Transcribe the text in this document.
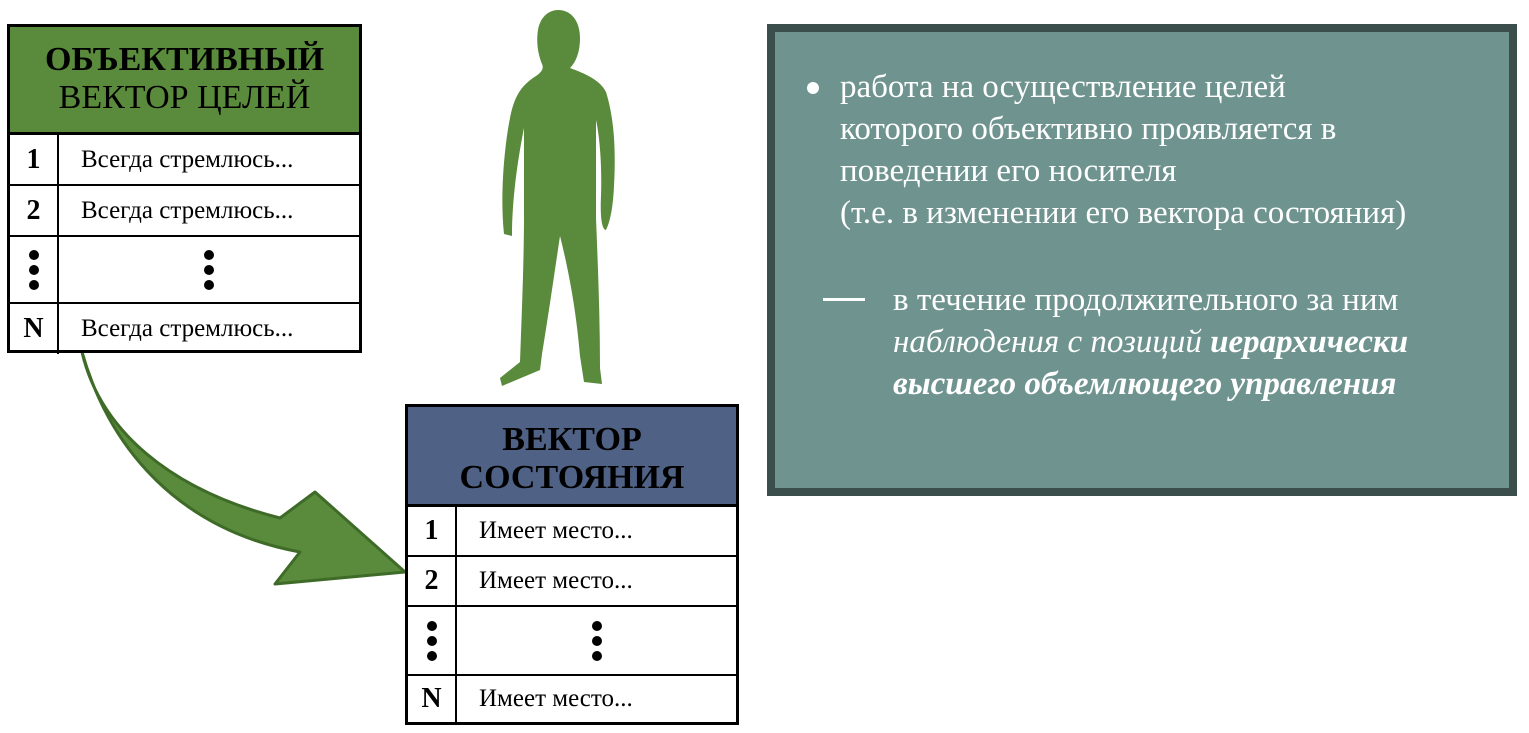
ОБЪЕКТИВНЫЙ
ВЕКТОР ЦЕЛЕЙ
1	Всегда стремлюсь...
2	Всегда стремлюсь...
N	Всегда стремлюсь...
ВЕКТОР
СОСТОЯНИЯ
1	Имеет место...
2	Имеет место...
N	Имеет место...
работа на осуществление целей
которого объективно проявляется в
поведении его носителя
(т.е. в изменении его вектора состояния)
в течение продолжительного за ним
наблюдения с позиций иерархически
высшего объемлющего управления
